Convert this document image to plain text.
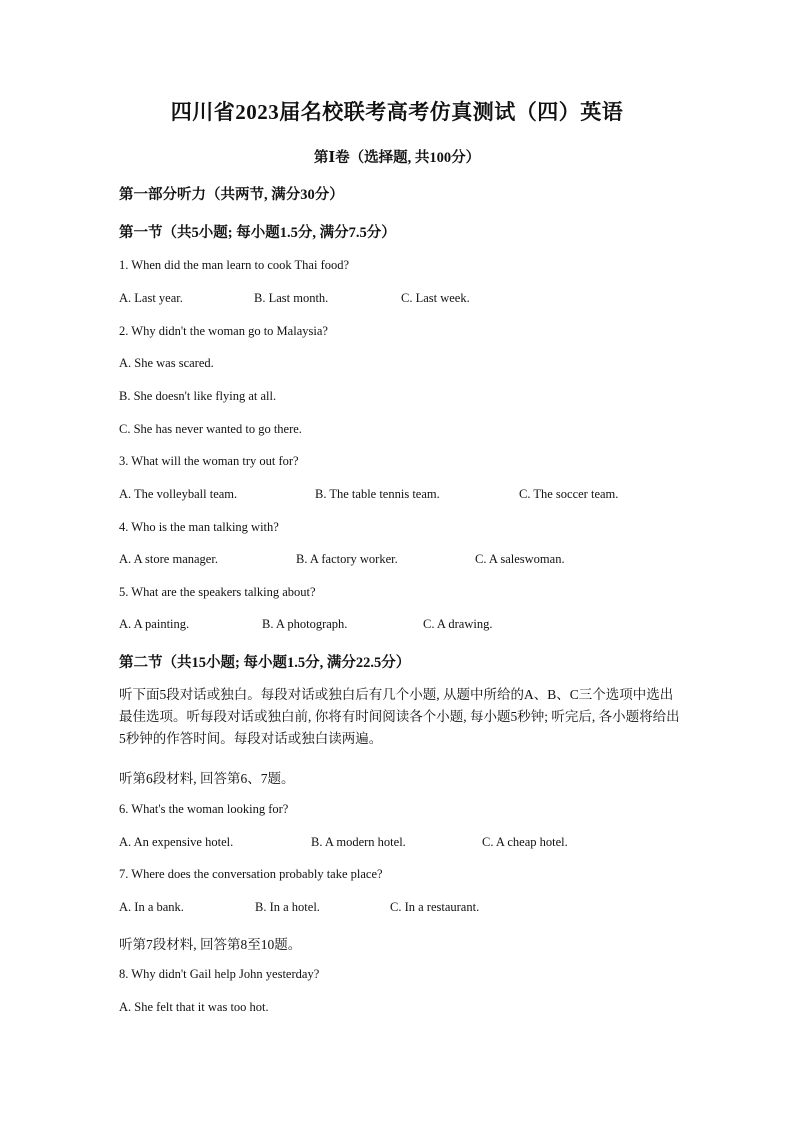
四川省2023届名校联考高考仿真测试（四）英语
第Ⅰ卷（选择题, 共100分）
第一部分听力（共两节, 满分30分）
第一节（共5小题; 每小题1.5分, 满分7.5分）
1. When did the man learn to cook Thai food?
A. Last year.	B. Last month.	C. Last week.
2. Why didn't the woman go to Malaysia?
A. She was scared.
B. She doesn't like flying at all.
C. She has never wanted to go there.
3. What will the woman try out for?
A. The volleyball team.	B. The table tennis team.	C. The soccer team.
4. Who is the man talking with?
A. A store manager.	B. A factory worker.	C. A saleswoman.
5. What are the speakers talking about?
A. A painting.	B. A photograph.	C. A drawing.
第二节（共15小题; 每小题1.5分, 满分22.5分）
听下面5段对话或独白。每段对话或独白后有几个小题, 从题中所给的A、B、C三个选项中选出最佳选项。听每段对话或独白前, 你将有时间阅读各个小题, 每小题5秒钟; 听完后, 各小题将给出5秒钟的作答时间。每段对话或独白读两遍。
听第6段材料, 回答第6、7题。
6. What's the woman looking for?
A. An expensive hotel.	B. A modern hotel.	C. A cheap hotel.
7. Where does the conversation probably take place?
A. In a bank.	B. In a hotel.	C. In a restaurant.
听第7段材料, 回答第8至10题。
8. Why didn't Gail help John yesterday?
A. She felt that it was too hot.
